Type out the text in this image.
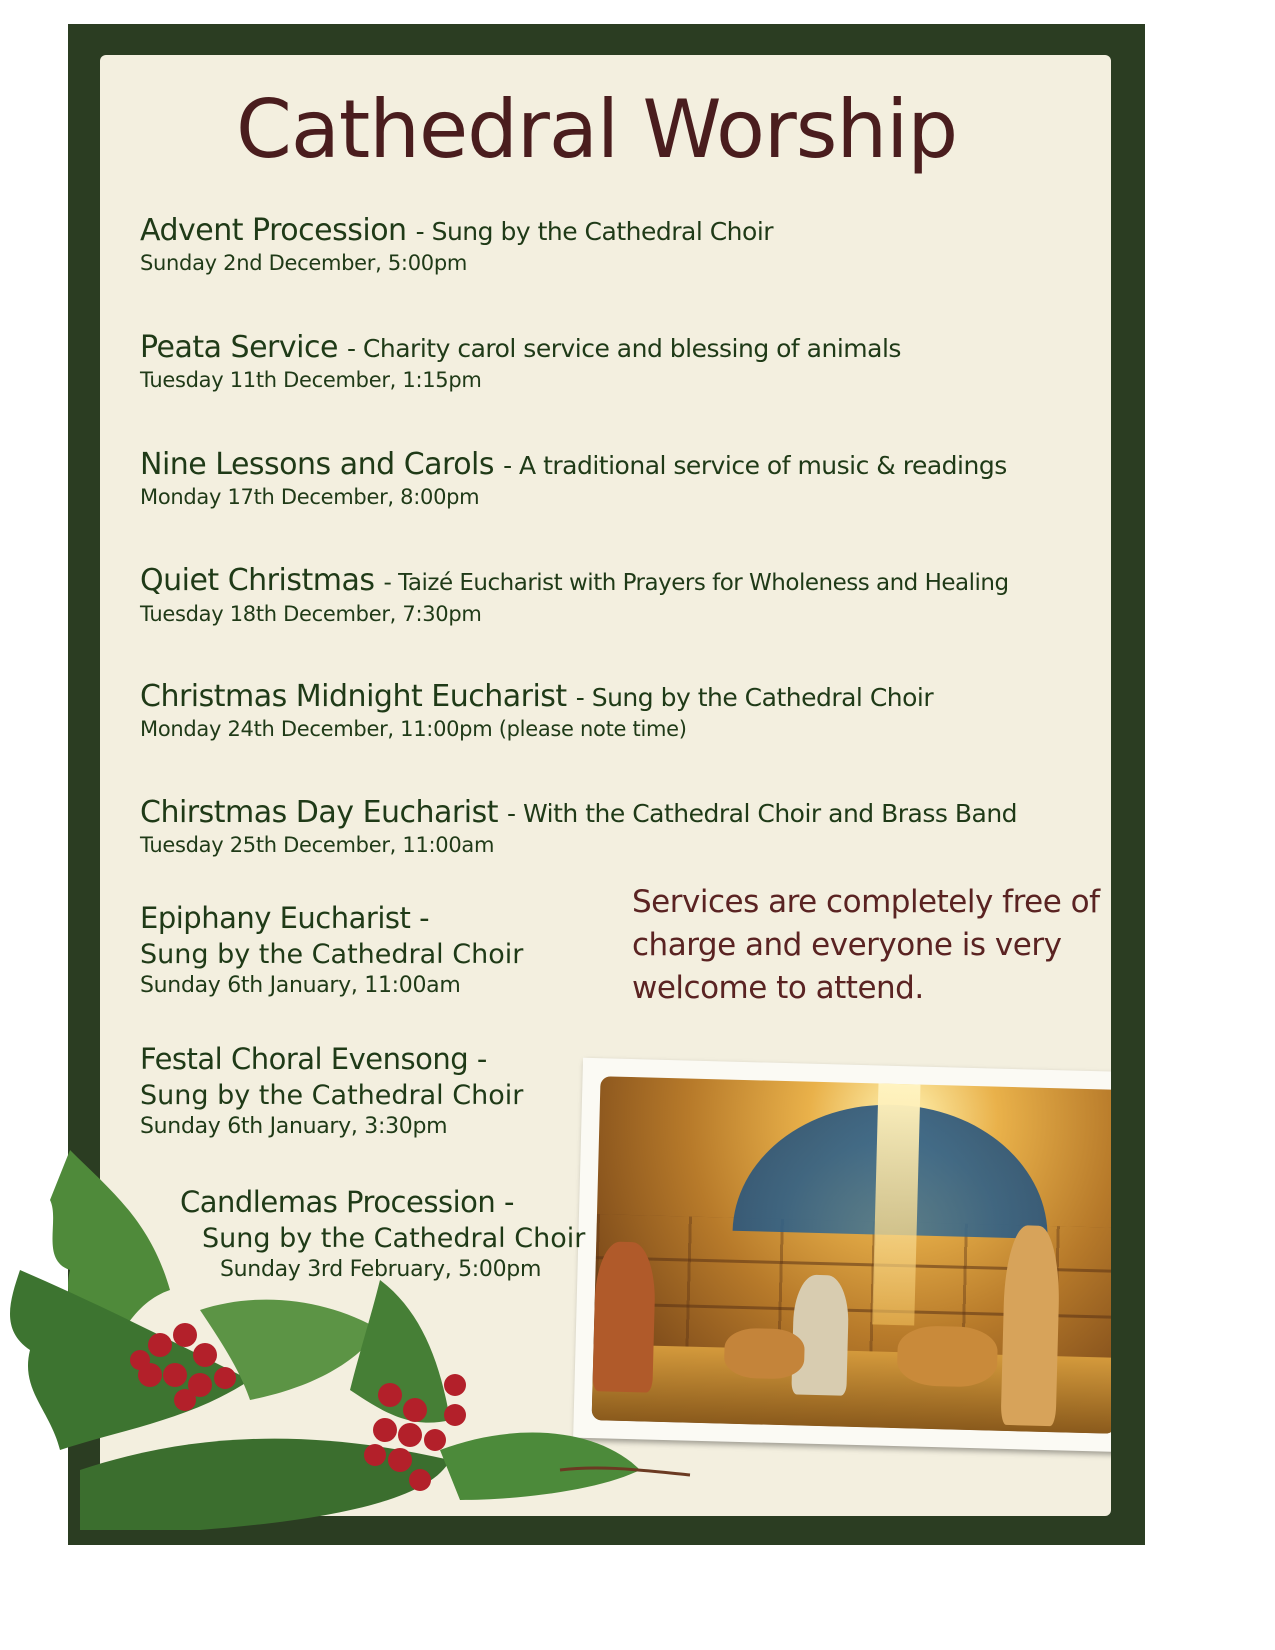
Cathedral Worship
Advent Procession - Sung by the Cathedral Choir
Sunday 2nd December, 5:00pm
Peata Service - Charity carol service and blessing of animals
Tuesday 11th December, 1:15pm
Nine Lessons and Carols - A traditional service of music & readings
Monday 17th December, 8:00pm
Quiet Christmas - Taizé Eucharist with Prayers for Wholeness and Healing
Tuesday 18th December, 7:30pm
Christmas Midnight Eucharist - Sung by the Cathedral Choir
Monday 24th December, 11:00pm (please note time)
Chirstmas Day Eucharist - With the Cathedral Choir and Brass Band
Tuesday 25th December, 11:00am
Epiphany Eucharist -
Sung by the Cathedral Choir
Sunday 6th January, 11:00am
Festal Choral Evensong -
Sung by the Cathedral Choir
Sunday 6th January, 3:30pm
Services are completely free of charge and everyone is very welcome to attend.
Candlemas Procession -
Sung by the Cathedral Choir
Sunday 3rd February, 5:00pm
